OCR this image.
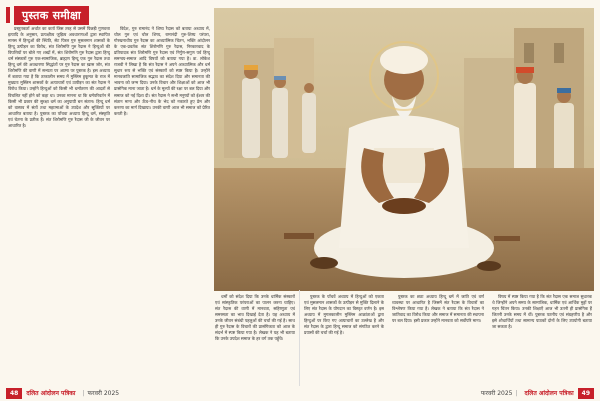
पुस्तक समीक्षा

प्रस्तुतकर्ता अर्थात का कर्ता जिस तरह से उसमें पिछड़ी गुणवत्ता इत्यादि के अनुसार, प्रत्यक्षीत्व जुड़ित्व अवधारणाओं द्वारा स्थापित मानस में हिन्दुओं की स्थिति, सेट पिरल गुरु मुसलमान शासकों के हिन्दू उत्पीड़न का विरोध, संत शिरोमणि गुरु रैदास ने हिन्दुओं की विपत्तियों पर बोले गए शब्दों में, संत शिरोमणि गुरु रैदास द्वारा हिन्दू धर्म संस्कारों गुरु एक-सामाजिक, ब्राह्मण हिन्दू एक गुरु रैदास तथा हिन्दू धर्म की अवधारणा सिद्धांतों पर गुरु रैदास का ख़ास जोर, संत शिरोमणि की वाणी में सभ्यता पर आत्मा पर पुस्तक है। इस अध्याय में बताया गया है कि तत्कालीन समय में मुस्लिम हुकूमत के राज में मुख्यतः मुस्लिम शासकों के अत्याचारों एवं उत्पीड़न का संत रैदास ने विरोध किया। उन्होंने हिन्दुओं को किसी भी धर्मांतरण की आदतों से विचलित नहीं होने को कहा था। उनका मानना था कि धर्मपरिवर्तन में किसी भी प्रकार की सुरक्षा धर्म का अनुयायी बन संतान। हिन्दू धर्म को वास्तव में संतों तथा महात्माओं के उपदेश और सूक्तियों पर आधारित बताया है। पुस्तक का पाँचवा अध्याय हिन्दू धर्म, संस्कृति एवं चेतना के प्रतीक हैं। संत शिरोमणि गुरु रैदास जी के जीवन पर आधारित है।

विदेश, गुरु रामानंद ने शिष्य रैदास को बताया अध्याय में, चोल गुरु एवं चोल शिष्य, रामानंदी गुरु-शिष्य परंपरा, गोरखनाथीय गुरु रैदास का आध्यात्मिक चिंतन, भक्ति आंदोलन के एक-प्रवर्तक संत शिरोमणि गुरु रैदास, निरकारवाद के प्रतिपादक संत शिरोमणि गुरु रैदास एवं निर्गुण-सगुण पर्व हिन्दू समन्वय-समाज आदि विषयों को बताया गया है। डा. लोकेश राजवी ने लिखा है कि संत रैदास ने अपने आध्यात्मिक और धर्म सुधार रूप से भक्ति एवं संस्कारों को स्पष्ट किया है। उन्होंने मानवजाति सामाजिक सद्भाव का संदेश दिया और समानता की भावना को जन्म दिया। उनके विचार और शिक्षाओं को आज भी प्रासंगिक माना जाता है। धर्म के मूल्यों की रक्षा पर बल दिया और समाज को नई दिशा दी। संत रैदास ने सभी मनुष्यों को ईश्वर की संतान माना और ऊँच-नीच के भेद को नकारते हुए प्रेम और करुणा का मार्ग दिखाया। उनकी वाणी आज भी समाज को प्रेरित करती है।

धर्मों को संदेश दिया कि उनके धार्मिक संस्कारों एवं सांस्कृतिक परंपराओं का पालन करना चाहिए। संत रैदास की वाणी में मानवता, सहिष्णुता एवं समरसता का भाव दिखाई देता है। यह अध्याय में उनके जीवन संबंधी पहलुओं की चर्चा की गई है। साथ ही गुरु रैदास के विचारों की प्रासंगिकता को आज के संदर्भ में स्पष्ट किया गया है। लेखक ने यह भी बताया कि उनके उपदेश समाज के हर वर्ग तक पहुँचे।

पुस्तक के पाँचवें अध्याय में हिन्दुओं को एकता एवं मुसलमान शासकों के उत्पीड़न से मुक्ति दिलाने के लिए संत रैदास के योगदान का विस्तृत वर्णन है। इस अध्याय में मुगलकालीन मुस्लिम आक्रांताओं द्वारा हिन्दुओं पर किए गए अत्याचारों का उल्लेख है और संत रैदास के द्वारा हिन्दू समाज को संगठित करने के प्रयासों की चर्चा की गई है।

पुस्तक का छठा अध्याय हिन्दू धर्म में जाति एवं वर्ण व्यवस्था पर आधारित है जिसमें संत रैदास के विचारों का विश्लेषण किया गया है। लेखक ने बताया कि संत रैदास ने जातिवाद का विरोध किया और समाज में समानता की स्थापना पर बल दिया। इसी प्रकार उन्होंने मानवता को सर्वोपरि माना।

विषय में स्पष्ट किया गया है कि संत रैदास एक समाज सुधारक थे जिन्होंने अपने समय के सामाजिक, धार्मिक एवं आर्थिक मुद्दों पर गहन चिंतन किया। उनकी शिक्षाएँ आज भी उतनी ही प्रासंगिक हैं जितनी उनके समय में थीं। पुस्तक पठनीय एवं संग्रहणीय है और इसे शोधार्थियों तथा सामान्य पाठकों दोनों के लिए उपयोगी बताया जा सकता है।

48	दलित आंदोलन पत्रिका | फरवरी 2025	फरवरी 2025 | दलित आंदोलन पत्रिका	49
